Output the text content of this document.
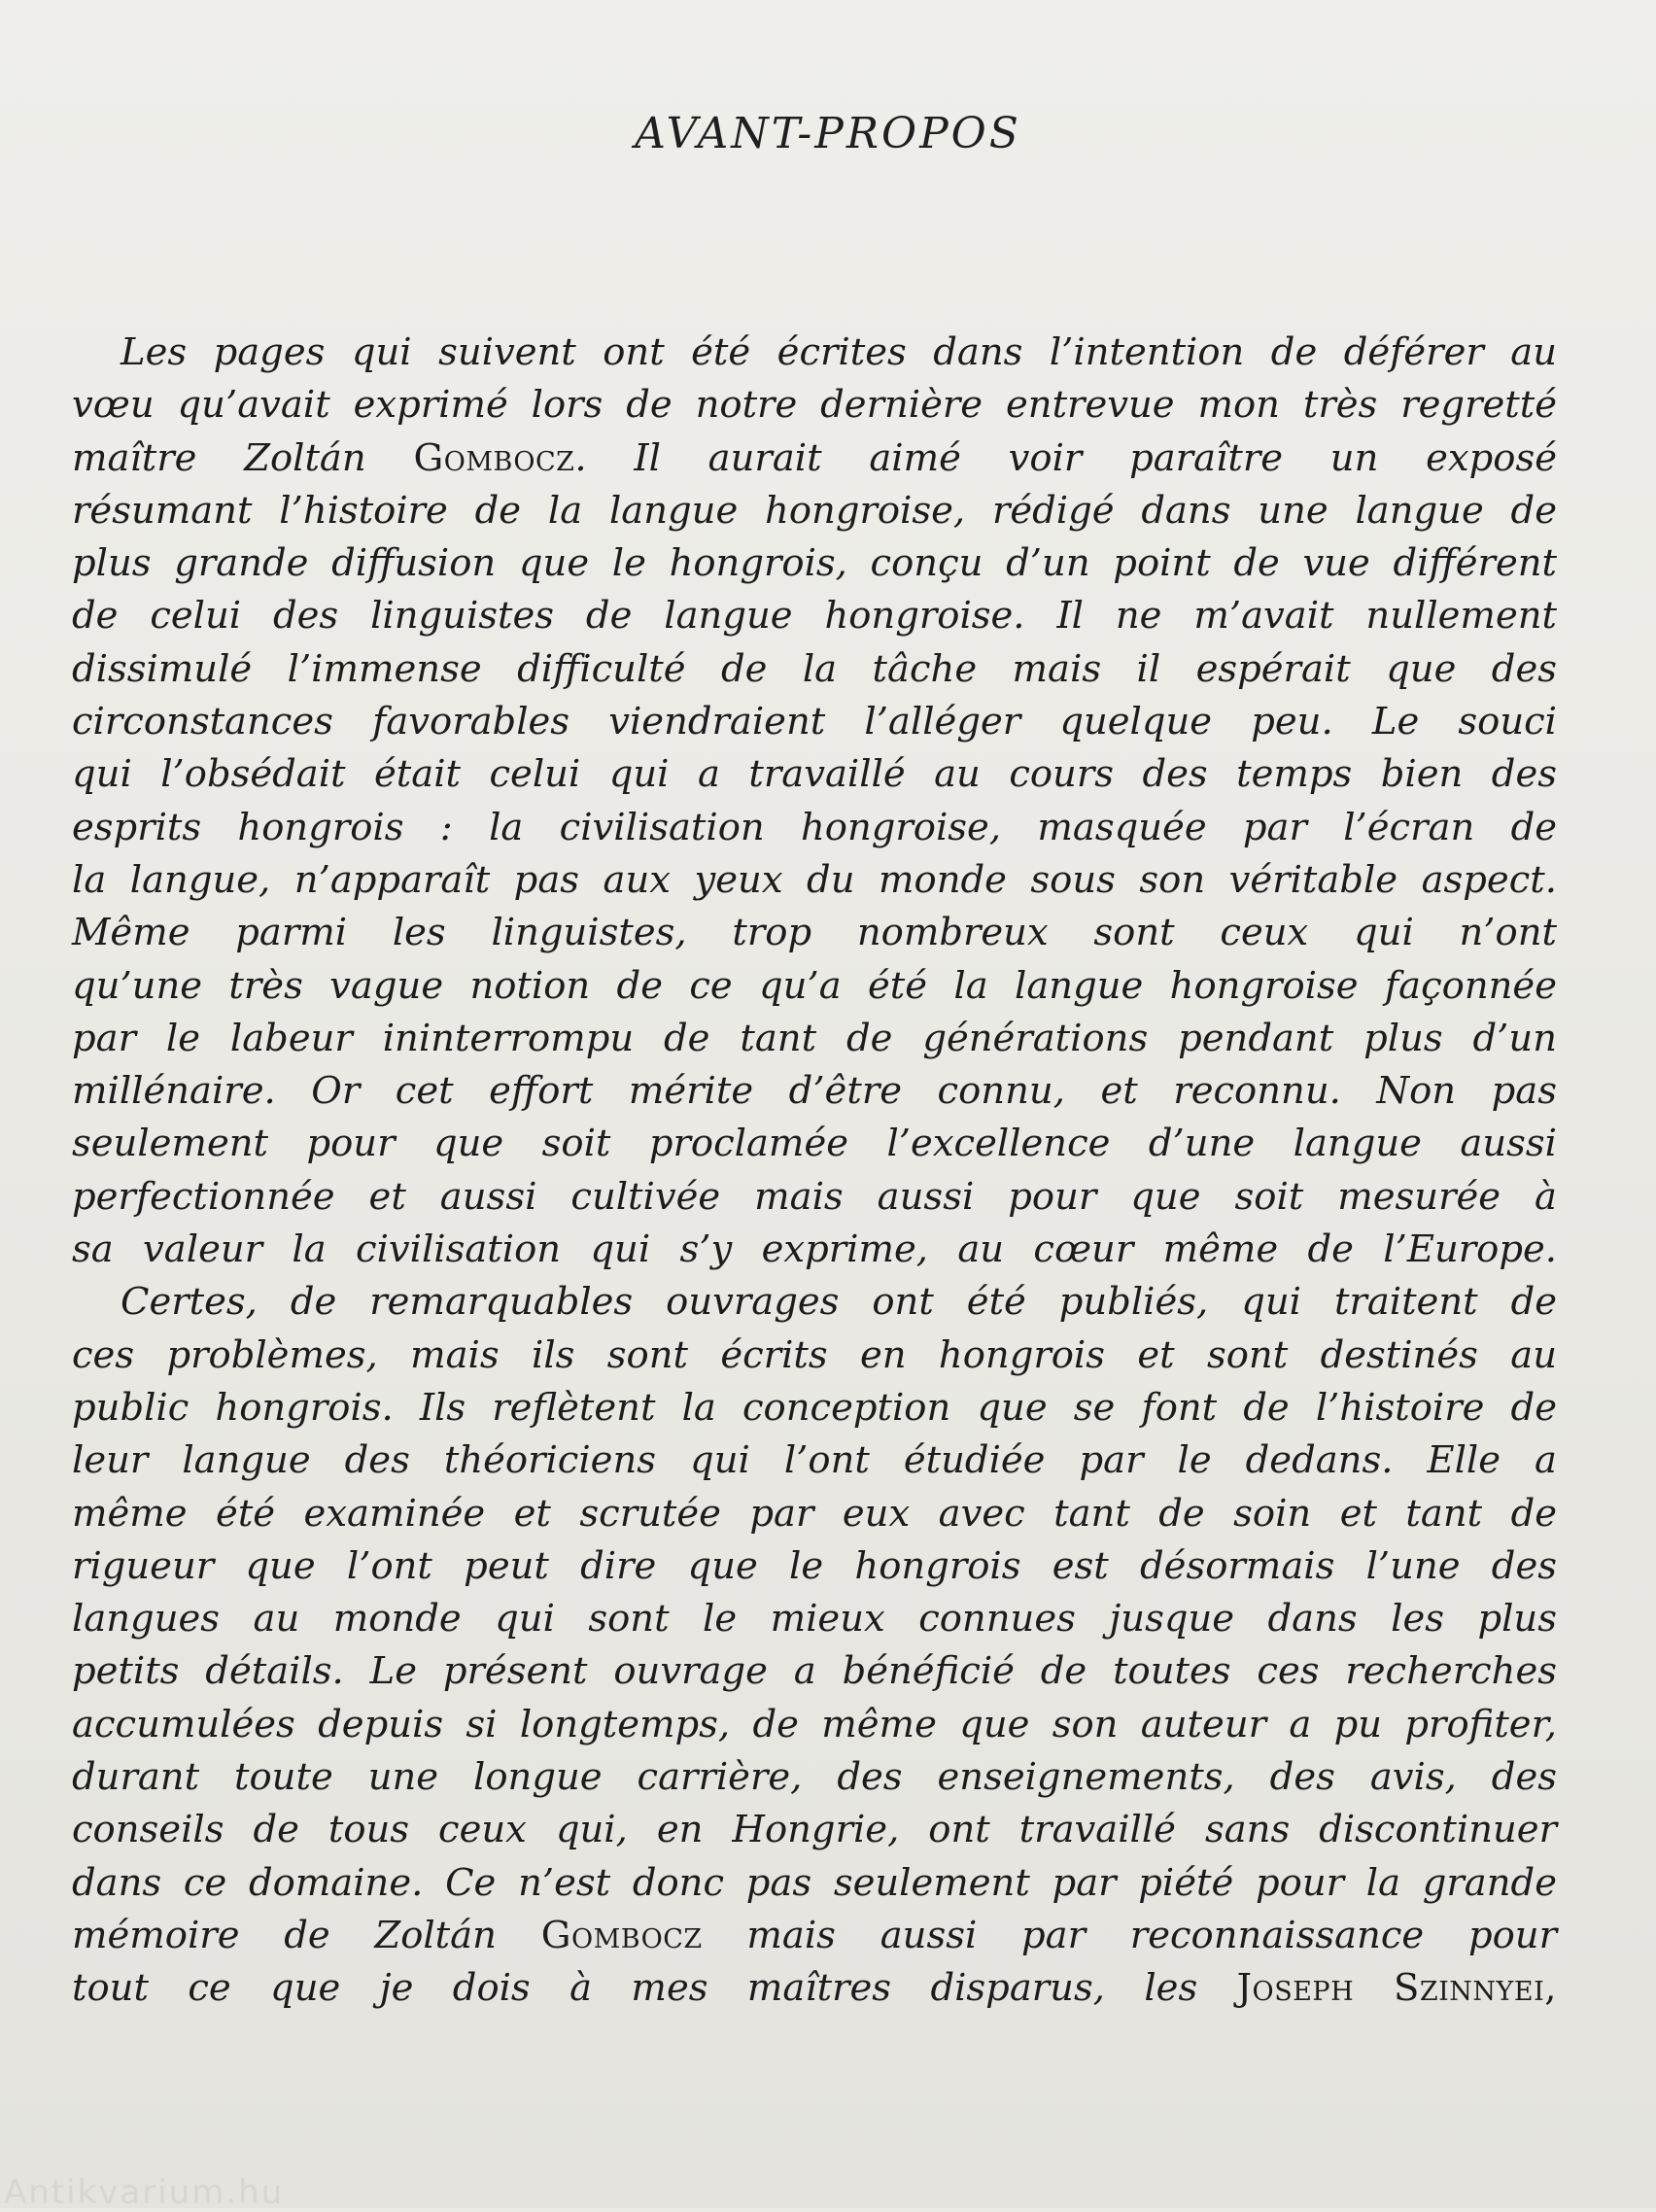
AVANT-PROPOS
Les pages qui suivent ont été écrites dans l’intention de déférer au
vœu qu’avait exprimé lors de notre dernière entrevue mon très regretté
maître Zoltán Gombocz. Il aurait aimé voir paraître un exposé
résumant l’histoire de la langue hongroise, rédigé dans une langue de
plus grande diffusion que le hongrois, conçu d’un point de vue différent
de celui des linguistes de langue hongroise. Il ne m’avait nullement
dissimulé l’immense difficulté de la tâche mais il espérait que des
circonstances favorables viendraient l’alléger quelque peu. Le souci
qui l’obsédait était celui qui a travaillé au cours des temps bien des
esprits hongrois : la civilisation hongroise, masquée par l’écran de
la langue, n’apparaît pas aux yeux du monde sous son véritable aspect.
Même parmi les linguistes, trop nombreux sont ceux qui n’ont
qu’une très vague notion de ce qu’a été la langue hongroise façonnée
par le labeur ininterrompu de tant de générations pendant plus d’un
millénaire. Or cet effort mérite d’être connu, et reconnu. Non pas
seulement pour que soit proclamée l’excellence d’une langue aussi
perfectionnée et aussi cultivée mais aussi pour que soit mesurée à
sa valeur la civilisation qui s’y exprime, au cœur même de l’Europe.
Certes, de remarquables ouvrages ont été publiés, qui traitent de
ces problèmes, mais ils sont écrits en hongrois et sont destinés au
public hongrois. Ils reflètent la conception que se font de l’histoire de
leur langue des théoriciens qui l’ont étudiée par le dedans. Elle a
même été examinée et scrutée par eux avec tant de soin et tant de
rigueur que l’ont peut dire que le hongrois est désormais l’une des
langues au monde qui sont le mieux connues jusque dans les plus
petits détails. Le présent ouvrage a bénéficié de toutes ces recherches
accumulées depuis si longtemps, de même que son auteur a pu profiter,
durant toute une longue carrière, des enseignements, des avis, des
conseils de tous ceux qui, en Hongrie, ont travaillé sans discontinuer
dans ce domaine. Ce n’est donc pas seulement par piété pour la grande
mémoire de Zoltán Gombocz mais aussi par reconnaissance pour
tout ce que je dois à mes maîtres disparus, les Joseph Szinnyei,
Antikvarium.hu
